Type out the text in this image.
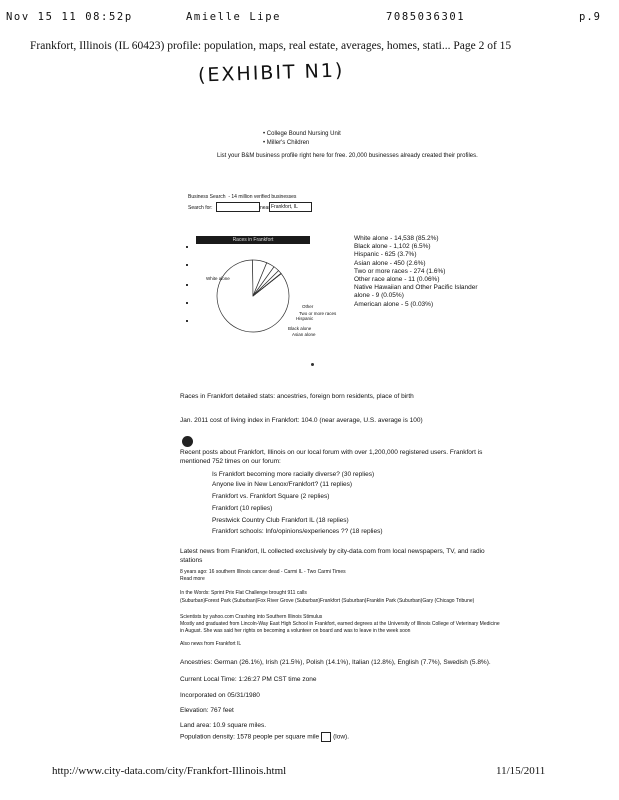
Nov 15 11 08:52p	Amielle Lipe	7085036301	p.9
Frankfort, Illinois (IL 60423) profile: population, maps, real estate, averages, homes, stati... Page 2 of 15
(EXHIBIT N1)
• College Bound Nursing Unit
• Miller's Children
List your B&M business profile right here for free. 20,000 businesses already created their profiles.
Business Search - 14 million verified businesses
Search for:	near Frankfort, IL
Races in Frankfort
White alone
Other
Two or more races
Hispanic
Black alone
Asian alone
White alone - 14,538 (85.2%)
Black alone - 1,102 (6.5%)
Hispanic - 625 (3.7%)
Asian alone - 450 (2.6%)
Two or more races - 274 (1.6%)
Other race alone - 11 (0.06%)
Native Hawaiian and Other Pacific Islander
alone - 9 (0.05%)
American alone - 5 (0.03%)
Races in Frankfort detailed stats: ancestries, foreign born residents, place of birth
Jan. 2011 cost of living index in Frankfort: 104.0 (near average, U.S. average is 100)
Recent posts about Frankfort, Illinois on our local forum with over 1,200,000 registered users. Frankfort is mentioned 752 times on our forum:
Is Frankfort becoming more racially diverse? (30 replies)
Anyone live in New Lenox/Frankfort? (11 replies)
Frankfort vs. Frankfort Square (2 replies)
Frankfort (10 replies)
Prestwick Country Club Frankfort IL (18 replies)
Frankfort schools: Info/opinions/experiences ?? (18 replies)
Latest news from Frankfort, IL collected exclusively by city-data.com from local newspapers, TV, and radio stations
8 years ago: 16 southern Illinois cancer dead - Carmi IL - Two Carmi Times
Read more
In the Words: Sprint Prix Flat Challenge brought 911 calls
(Suburban)Forest Park (Suburban)Fox River Grove (Suburban)Frankfort (Suburban)Franklin Park (Suburban)Gary (Chicago Tribune)
Scientists by yahoo.com Crashing into Southern Illinois Stimulus
Mostly and graduated from Lincoln-Way East High School in Frankfort, earned degrees at the University of Illinois College of Veterinary Medicine in August. She was said her rights on becoming a volunteer on board and was to leave in the week soon
Also news from Frankfort IL
Ancestries: German (26.1%), Irish (21.5%), Polish (14.1%), Italian (12.8%), English (7.7%), Swedish (5.8%).
Current Local Time: 1:26:27 PM CST time zone
Incorporated on 05/31/1980
Elevation: 767 feet
Land area: 10.9 square miles.
Population density: 1578 people per square mile (low).
http://www.city-data.com/city/Frankfort-Illinois.html	11/15/2011
